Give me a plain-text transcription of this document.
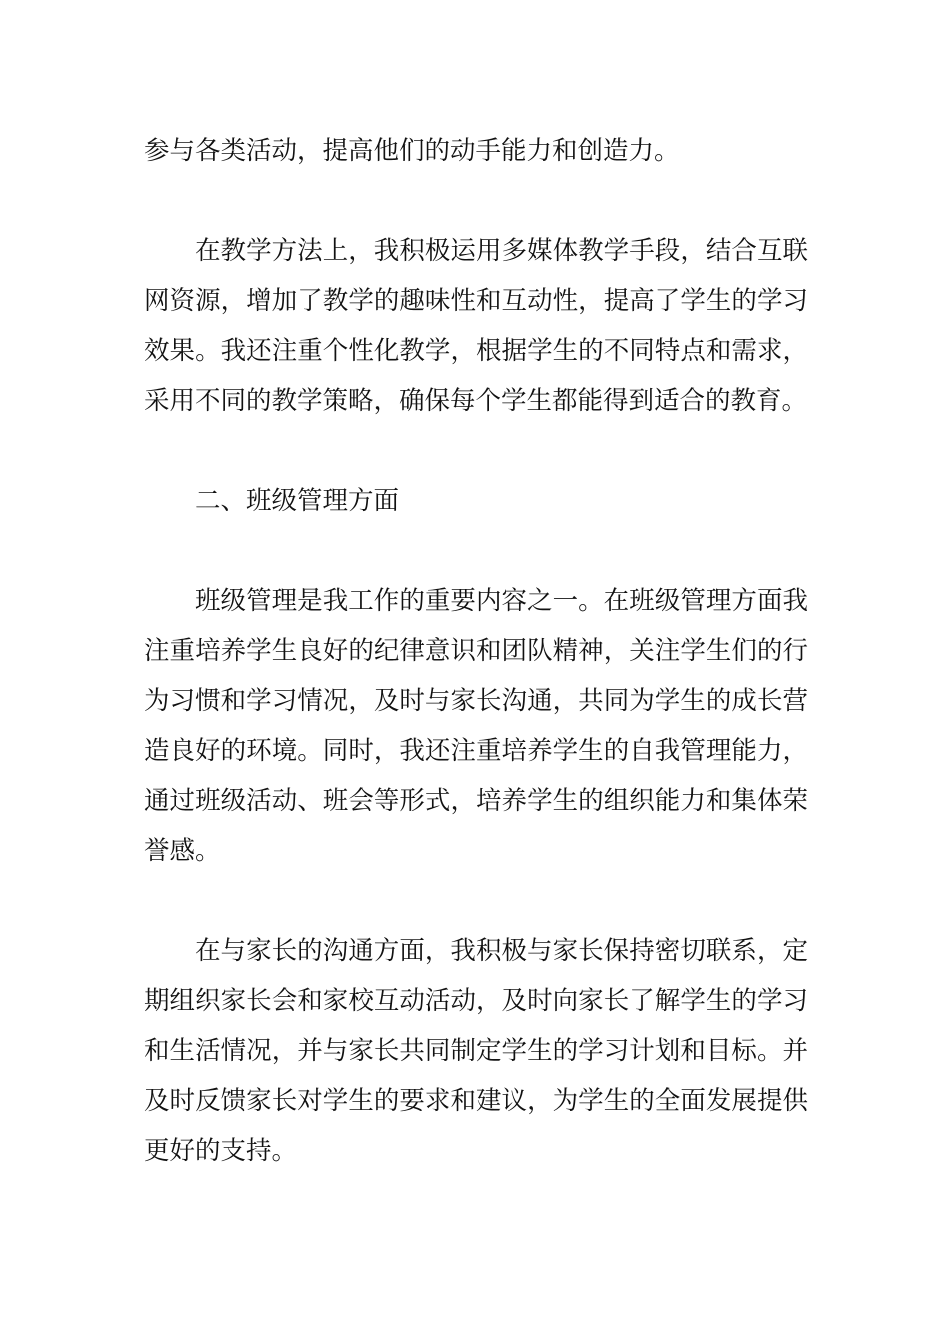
参与各类活动，提高他们的动手能力和创造力。

在教学方法上，我积极运用多媒体教学手段，结合互联网资源，增加了教学的趣味性和互动性，提高了学生的学习效果。我还注重个性化教学，根据学生的不同特点和需求，采用不同的教学策略，确保每个学生都能得到适合的教育。

二、班级管理方面

班级管理是我工作的重要内容之一。在班级管理方面我注重培养学生良好的纪律意识和团队精神，关注学生们的行为习惯和学习情况，及时与家长沟通，共同为学生的成长营造良好的环境。同时，我还注重培养学生的自我管理能力，通过班级活动、班会等形式，培养学生的组织能力和集体荣誉感。

在与家长的沟通方面，我积极与家长保持密切联系，定期组织家长会和家校互动活动，及时向家长了解学生的学习和生活情况，并与家长共同制定学生的学习计划和目标。并及时反馈家长对学生的要求和建议，为学生的全面发展提供更好的支持。
